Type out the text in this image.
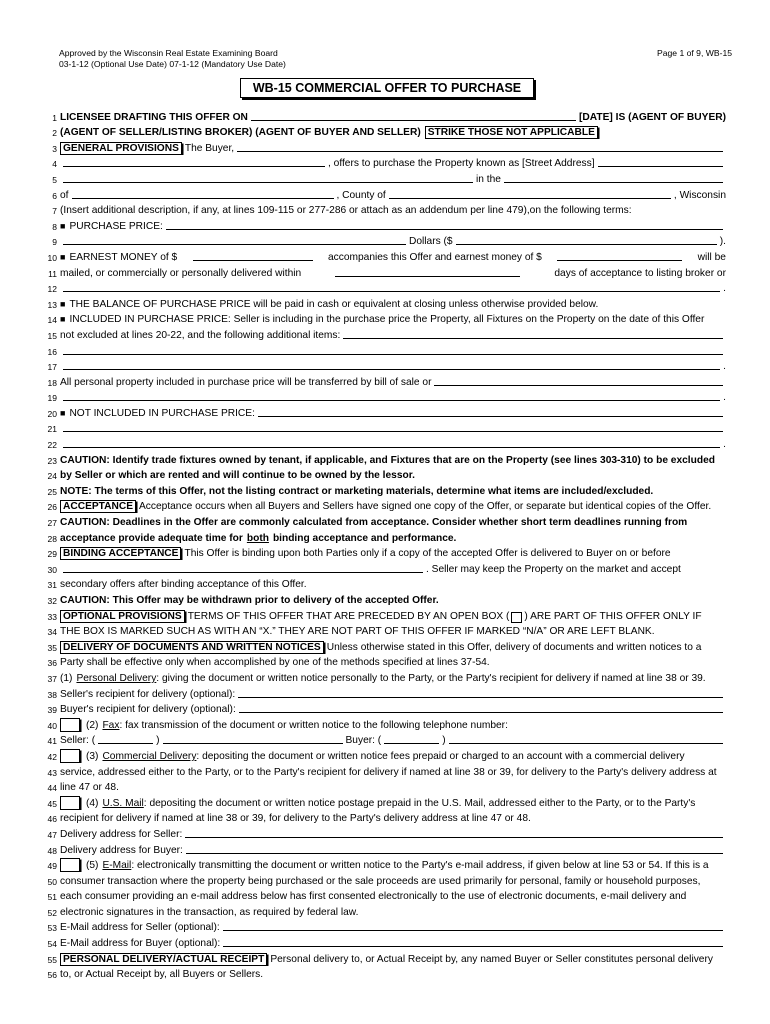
Approved by the Wisconsin Real Estate Examining Board
03-1-12 (Optional Use Date) 07-1-12 (Mandatory Use Date)
Page 1 of 9, WB-15
WB-15 COMMERCIAL OFFER TO PURCHASE
1 LICENSEE DRAFTING THIS OFFER ON	[DATE] IS (AGENT OF BUYER)
2 (AGENT OF SELLER/LISTING BROKER) (AGENT OF BUYER AND SELLER) STRIKE THOSE NOT APPLICABLE
3 GENERAL PROVISIONS The Buyer,
4	, offers to purchase the Property known as [Street Address]
5	in the
6 of	, County of	, Wisconsin
7 (Insert additional description, if any, at lines 109-115 or 277-286 or attach as an addendum per line 479),on the following terms:
8 ■ PURCHASE PRICE:
9	Dollars ($	).
10 ■ EARNEST MONEY of $	accompanies this Offer and earnest money of $	will be
11 mailed, or commercially or personally delivered within	days of acceptance to listing broker or
12	.
13 ■ THE BALANCE OF PURCHASE PRICE will be paid in cash or equivalent at closing unless otherwise provided below.
14 ■ INCLUDED IN PURCHASE PRICE: Seller is including in the purchase price the Property, all Fixtures on the Property on the date of this Offer
15 not excluded at lines 20-22, and the following additional items:
16
17	.
18 All personal property included in purchase price will be transferred by bill of sale or
19	.
20 ■ NOT INCLUDED IN PURCHASE PRICE:
21
22	.
23 CAUTION: Identify trade fixtures owned by tenant, if applicable, and Fixtures that are on the Property (see lines 303-310) to be excluded
24 by Seller or which are rented and will continue to be owned by the lessor.
25 NOTE: The terms of this Offer, not the listing contract or marketing materials, determine what items are included/excluded.
26 ACCEPTANCE Acceptance occurs when all Buyers and Sellers have signed one copy of the Offer, or separate but identical copies of the Offer.
27 CAUTION: Deadlines in the Offer are commonly calculated from acceptance. Consider whether short term deadlines running from
28 acceptance provide adequate time for both binding acceptance and performance.
29 BINDING ACCEPTANCE This Offer is binding upon both Parties only if a copy of the accepted Offer is delivered to Buyer on or before
30	. Seller may keep the Property on the market and accept
31 secondary offers after binding acceptance of this Offer.
32 CAUTION: This Offer may be withdrawn prior to delivery of the accepted Offer.
33 OPTIONAL PROVISIONS TERMS OF THIS OFFER THAT ARE PRECEDED BY AN OPEN BOX ( ) ARE PART OF THIS OFFER ONLY IF
34 THE BOX IS MARKED SUCH AS WITH AN “X.” THEY ARE NOT PART OF THIS OFFER IF MARKED “N/A” OR ARE LEFT BLANK.
35 DELIVERY OF DOCUMENTS AND WRITTEN NOTICES Unless otherwise stated in this Offer, delivery of documents and written notices to a
36 Party shall be effective only when accomplished by one of the methods specified at lines 37-54.
37 (1) Personal Delivery : giving the document or written notice personally to the Party, or the Party's recipient for delivery if named at line 38 or 39.
38 Seller's recipient for delivery (optional):
39 Buyer's recipient for delivery (optional):
40	(2) Fax : fax transmission of the document or written notice to the following telephone number:
41 Seller: (	)	Buyer: (	)
42	(3) Commercial Delivery : depositing the document or written notice fees prepaid or charged to an account with a commercial delivery
43 service, addressed either to the Party, or to the Party's recipient for delivery if named at line 38 or 39, for delivery to the Party's delivery address at
44 line 47 or 48.
45	(4) U.S. Mail : depositing the document or written notice postage prepaid in the U.S. Mail, addressed either to the Party, or to the Party's
46 recipient for delivery if named at line 38 or 39, for delivery to the Party's delivery address at line 47 or 48.
47 Delivery address for Seller:
48 Delivery address for Buyer:
49	(5) E-Mail : electronically transmitting the document or written notice to the Party's e-mail address, if given below at line 53 or 54. If this is a
50 consumer transaction where the property being purchased or the sale proceeds are used primarily for personal, family or household purposes,
51 each consumer providing an e-mail address below has first consented electronically to the use of electronic documents, e-mail delivery and
52 electronic signatures in the transaction, as required by federal law.
53 E-Mail address for Seller (optional):
54 E-Mail address for Buyer (optional):
55 PERSONAL DELIVERY/ACTUAL RECEIPT Personal delivery to, or Actual Receipt by, any named Buyer or Seller constitutes personal delivery
56 to, or Actual Receipt by, all Buyers or Sellers.
